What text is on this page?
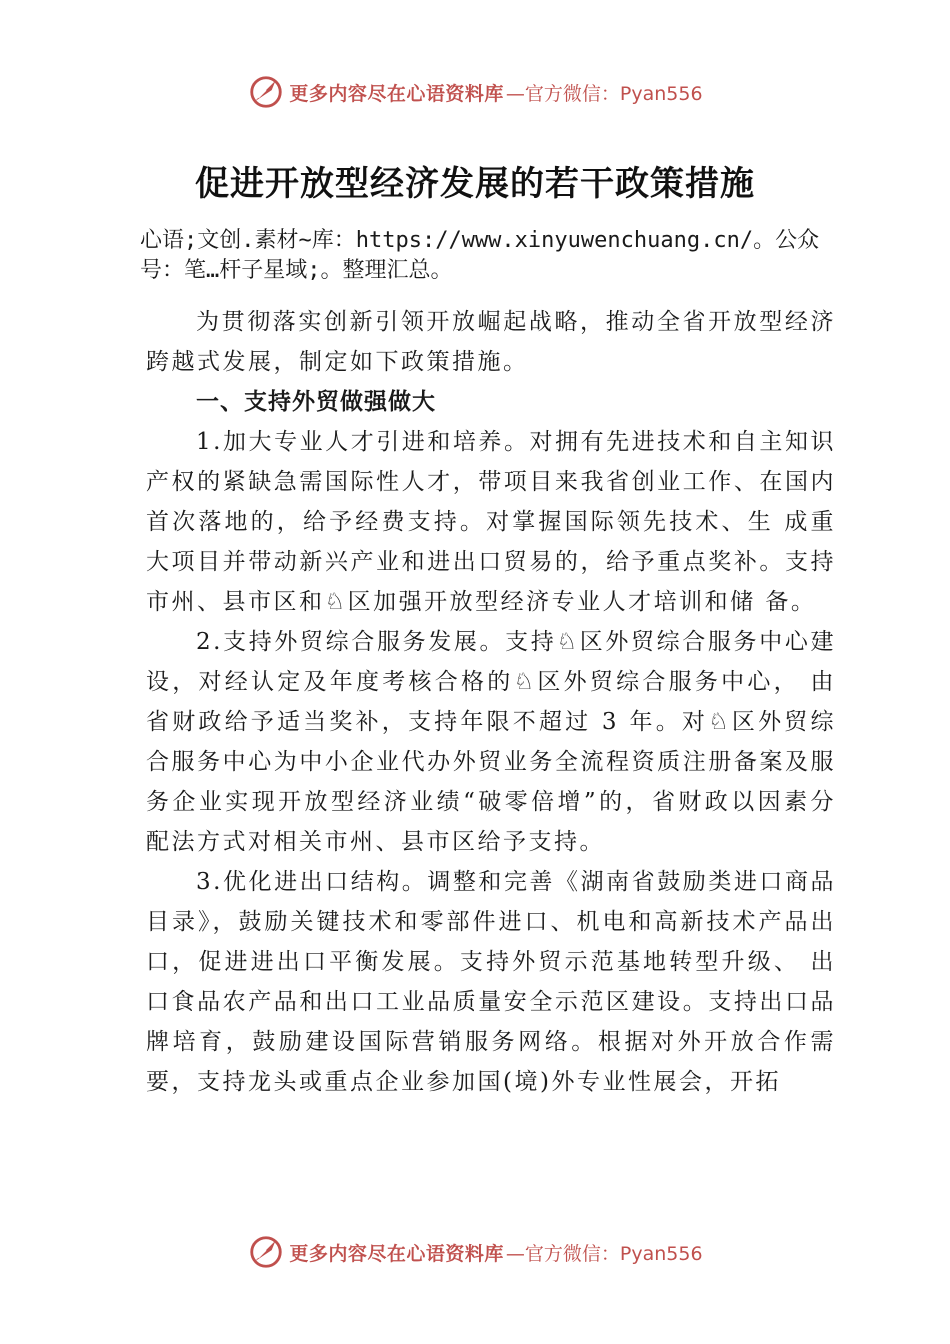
更多内容尽在心语资料库 —官方微信：Pyan556
促进开放型经济发展的若干政策措施
心语;文创.素材~库：https://www.xinyuwenchuang.cn/。公众号：笔…杆子星域;。整理汇总。

为贯彻落实创新引领开放崛起战略，推动全省开放型经济跨越式发展，制定如下政策措施。

一、支持外贸做强做大

1.加大专业人才引进和培养。对拥有先进技术和自主知识产权的紧缺急需国际性人才，带项目来我省创业工作、在国内首次落地的，给予经费支持。对掌握国际领先技术、生 成重大项目并带动新兴产业和进出口贸易的，给予重点奖补。支持市州、县市区和♘区加强开放型经济专业人才培训和储 备。

2.支持外贸综合服务发展。支持♘区外贸综合服务中心建设，对经认定及年度考核合格的♘区外贸综合服务中心， 由省财政给予适当奖补，支持年限不超过 3 年。对♘区外贸综合服务中心为中小企业代办外贸业务全流程资质注册备案及服务企业实现开放型经济业绩“破零倍增”的，省财政以因素分配法方式对相关市州、县市区给予支持。

3.优化进出口结构。调整和完善《湖南省鼓励类进口商品目录》，鼓励关键技术和零部件进口、机电和高新技术产品出口，促进进出口平衡发展。支持外贸示范基地转型升级、 出口食品农产品和出口工业品质量安全示范区建设。支持出口品牌培育，鼓励建设国际营销服务网络。根据对外开放合作需要，支持龙头或重点企业参加国(境)外专业性展会，开拓

更多内容尽在心语资料库 —官方微信：Pyan556
